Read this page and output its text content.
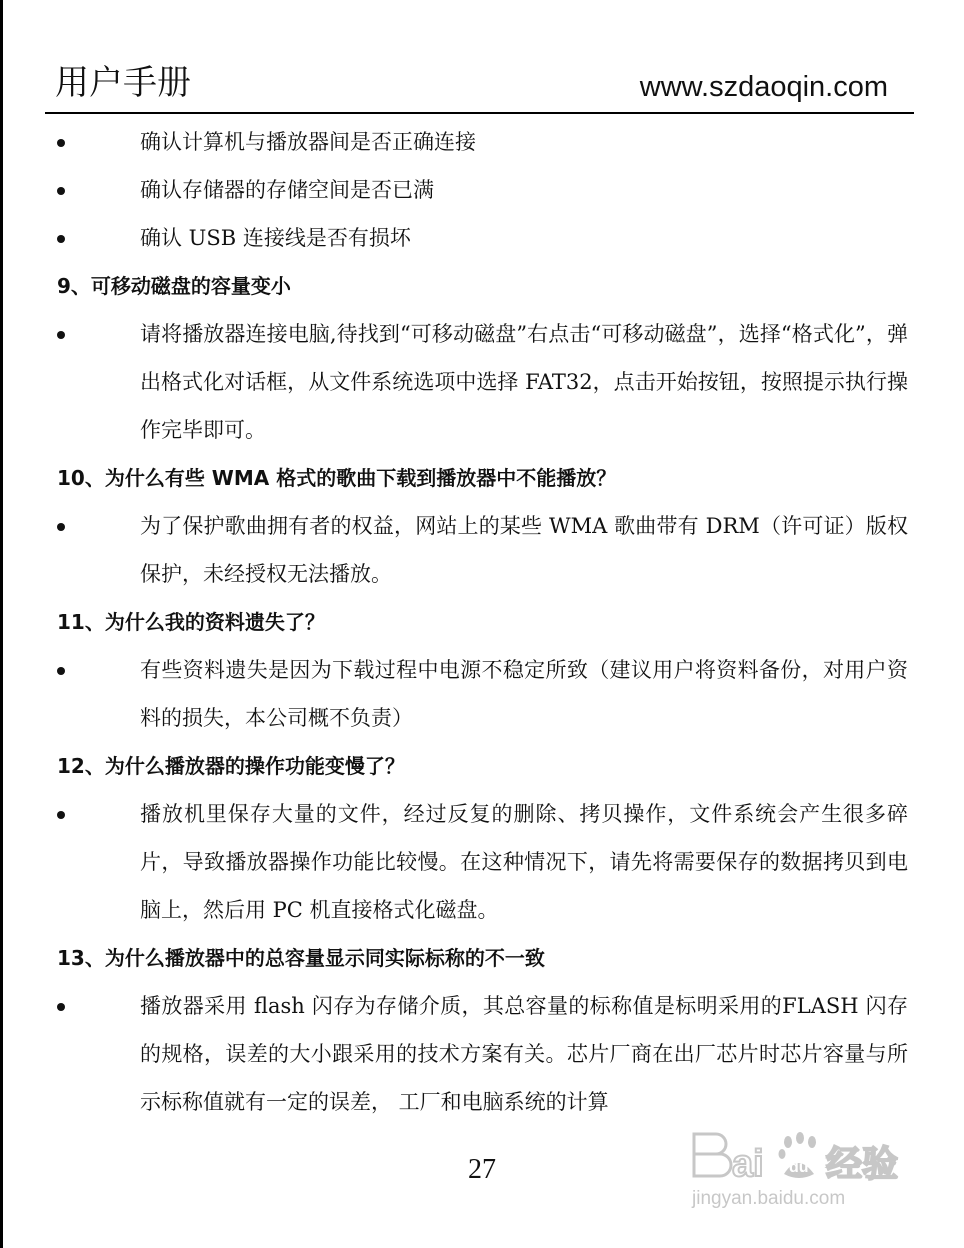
用户手册	www.szdaoqin.com
确认计算机与播放器间是否正确连接
确认存储器的存储空间是否已满
确认 USB 连接线是否有损坏
9、可移动磁盘的容量变小
请将播放器连接电脑,待找到“可移动磁盘”右点击“可移动磁盘”，选择“格式化”，弹出格式化对话框，从文件系统选项中选择 FAT32，点击开始按钮，按照提示执行操作完毕即可。
10、为什么有些 WMA 格式的歌曲下载到播放器中不能播放？
为了保护歌曲拥有者的权益，网站上的某些 WMA 歌曲带有 DRM（许可证）版权保护，未经授权无法播放。
11、为什么我的资料遗失了？
有些资料遗失是因为下载过程中电源不稳定所致（建议用户将资料备份，对用户资料的损失，本公司概不负责）
12、为什么播放器的操作功能变慢了？
播放机里保存大量的文件，经过反复的删除、拷贝操作，文件系统会产生很多碎片，导致播放器操作功能比较慢。在这种情况下，请先将需要保存的数据拷贝到电脑上，然后用 PC 机直接格式化磁盘。
13、为什么播放器中的总容量显示同实际标称的不一致
播放器采用 flash 闪存为存储介质，其总容量的标称值是标明采用的FLASH 闪存的规格，误差的大小跟采用的技术方案有关。芯片厂商在出厂芯片时芯片容量与所示标称值就有一定的误差， 工厂和电脑系统的计算
27	ai du 经验
jingyan.baidu.com
